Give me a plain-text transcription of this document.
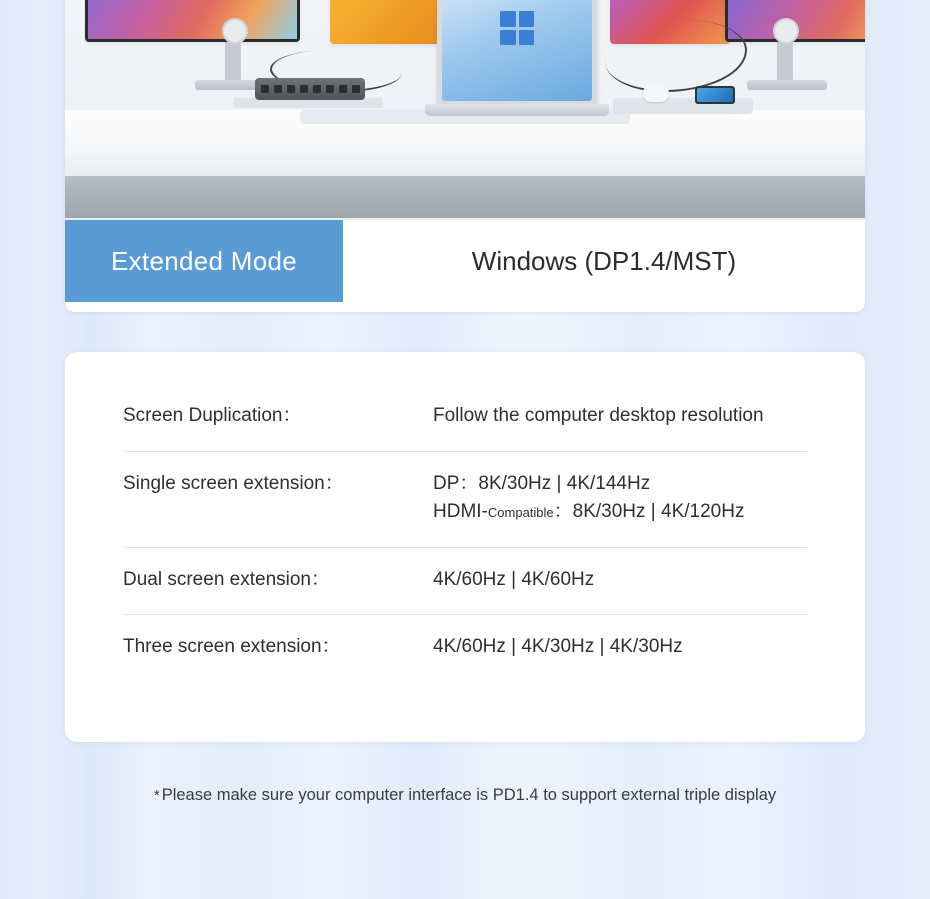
Extended Mode	Windows (DP1.4/MST)
Screen Duplication：	Follow the computer desktop resolution
Single screen extension：	DP：8K/30Hz | 4K/144Hz
HDMI-Compatible：8K/30Hz | 4K/120Hz
Dual screen extension：	4K/60Hz | 4K/60Hz
Three screen extension：	4K/60Hz | 4K/30Hz | 4K/30Hz
* Please make sure your computer interface is PD1.4 to support external triple display
